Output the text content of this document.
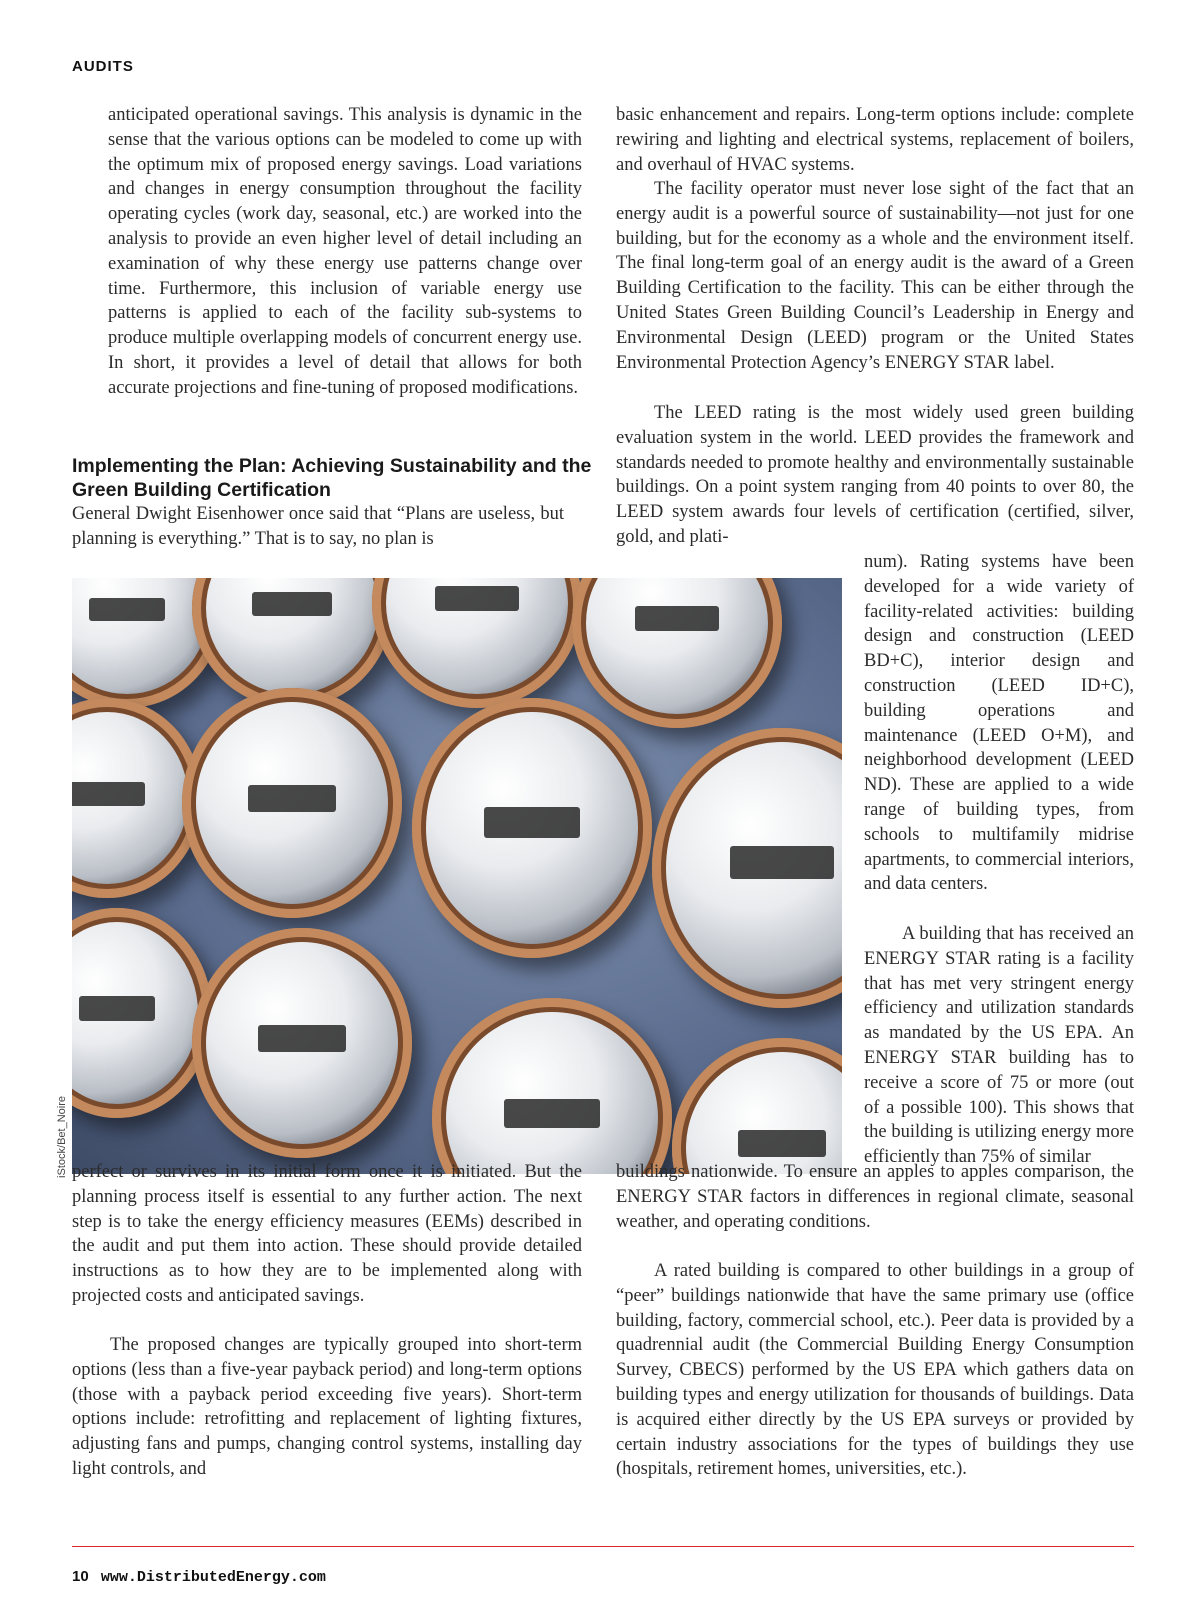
AUDITS

anticipated operational savings. This analysis is dynamic in the sense that the various options can be modeled to come up with the optimum mix of proposed energy savings. Load variations and changes in energy consumption throughout the facility operating cycles (work day, seasonal, etc.) are worked into the analysis to provide an even higher level of detail including an examination of why these energy use patterns change over time. Furthermore, this inclusion of variable energy use patterns is applied to each of the facility sub-systems to produce multiple overlapping models of concurrent energy use. In short, it provides a level of detail that allows for both accurate projections and fine-tuning of proposed modifications.

Implementing the Plan: Achieving Sustainability and the Green Building Certification

General Dwight Eisenhower once said that “Plans are useless, but planning is everything.” That is to say, no plan is

iStock/Bet_Noire perfect or survives in its initial form once it is initiated. But the planning process itself is essential to any further action. The next step is to take the energy efficiency measures (EEMs) described in the audit and put them into action. These should provide detailed instructions as to how they are to be implemented along with projected costs and anticipated savings.

The proposed changes are typically grouped into short-term options (less than a five-year payback period) and long-term options (those with a payback period exceeding five years). Short-term options include: retrofitting and replacement of lighting fixtures, adjusting fans and pumps, changing control systems, installing day light controls, and

basic enhancement and repairs. Long-term options include: complete rewiring and lighting and electrical systems, replacement of boilers, and overhaul of HVAC systems.

The facility operator must never lose sight of the fact that an energy audit is a powerful source of sustainability—not just for one building, but for the economy as a whole and the environment itself. The final long-term goal of an energy audit is the award of a Green Building Certification to the facility. This can be either through the United States Green Building Council’s Leadership in Energy and Environmental Design (LEED) program or the United States Environmental Protection Agency’s ENERGY STAR label.

The LEED rating is the most widely used green building evaluation system in the world. LEED provides the framework and standards needed to promote healthy and environmentally sustainable buildings. On a point system ranging from 40 points to over 80, the LEED system awards four levels of certification (certified, silver, gold, and plati-

num). Rating systems have been developed for a wide variety of facility-related activities: building design and construction (LEED BD+C), interior design and construction (LEED ID+C), building operations and maintenance (LEED O+M), and neighborhood development (LEED ND). These are applied to a wide range of building types, from schools to multifamily midrise apartments, to commercial interiors, and data centers.

A building that has received an ENERGY STAR rating is a facility that has met very stringent energy efficiency and utilization standards as mandated by the US EPA. An ENERGY STAR building has to receive a score of 75 or more (out of a possible 100). This shows that the building is utilizing energy more efficiently than 75% of similar

buildings nationwide. To ensure an apples to apples comparison, the ENERGY STAR factors in differences in regional climate, seasonal weather, and operating conditions.

A rated building is compared to other buildings in a group of “peer” buildings nationwide that have the same primary use (office building, factory, commercial school, etc.). Peer data is provided by a quadrennial audit (the Commercial Building Energy Consumption Survey, CBECS) performed by the US EPA which gathers data on building types and energy utilization for thousands of buildings. Data is acquired either directly by the US EPA surveys or provided by certain industry associations for the types of buildings they use (hospitals, retirement homes, universities, etc.).

10 www.DistributedEnergy.com
